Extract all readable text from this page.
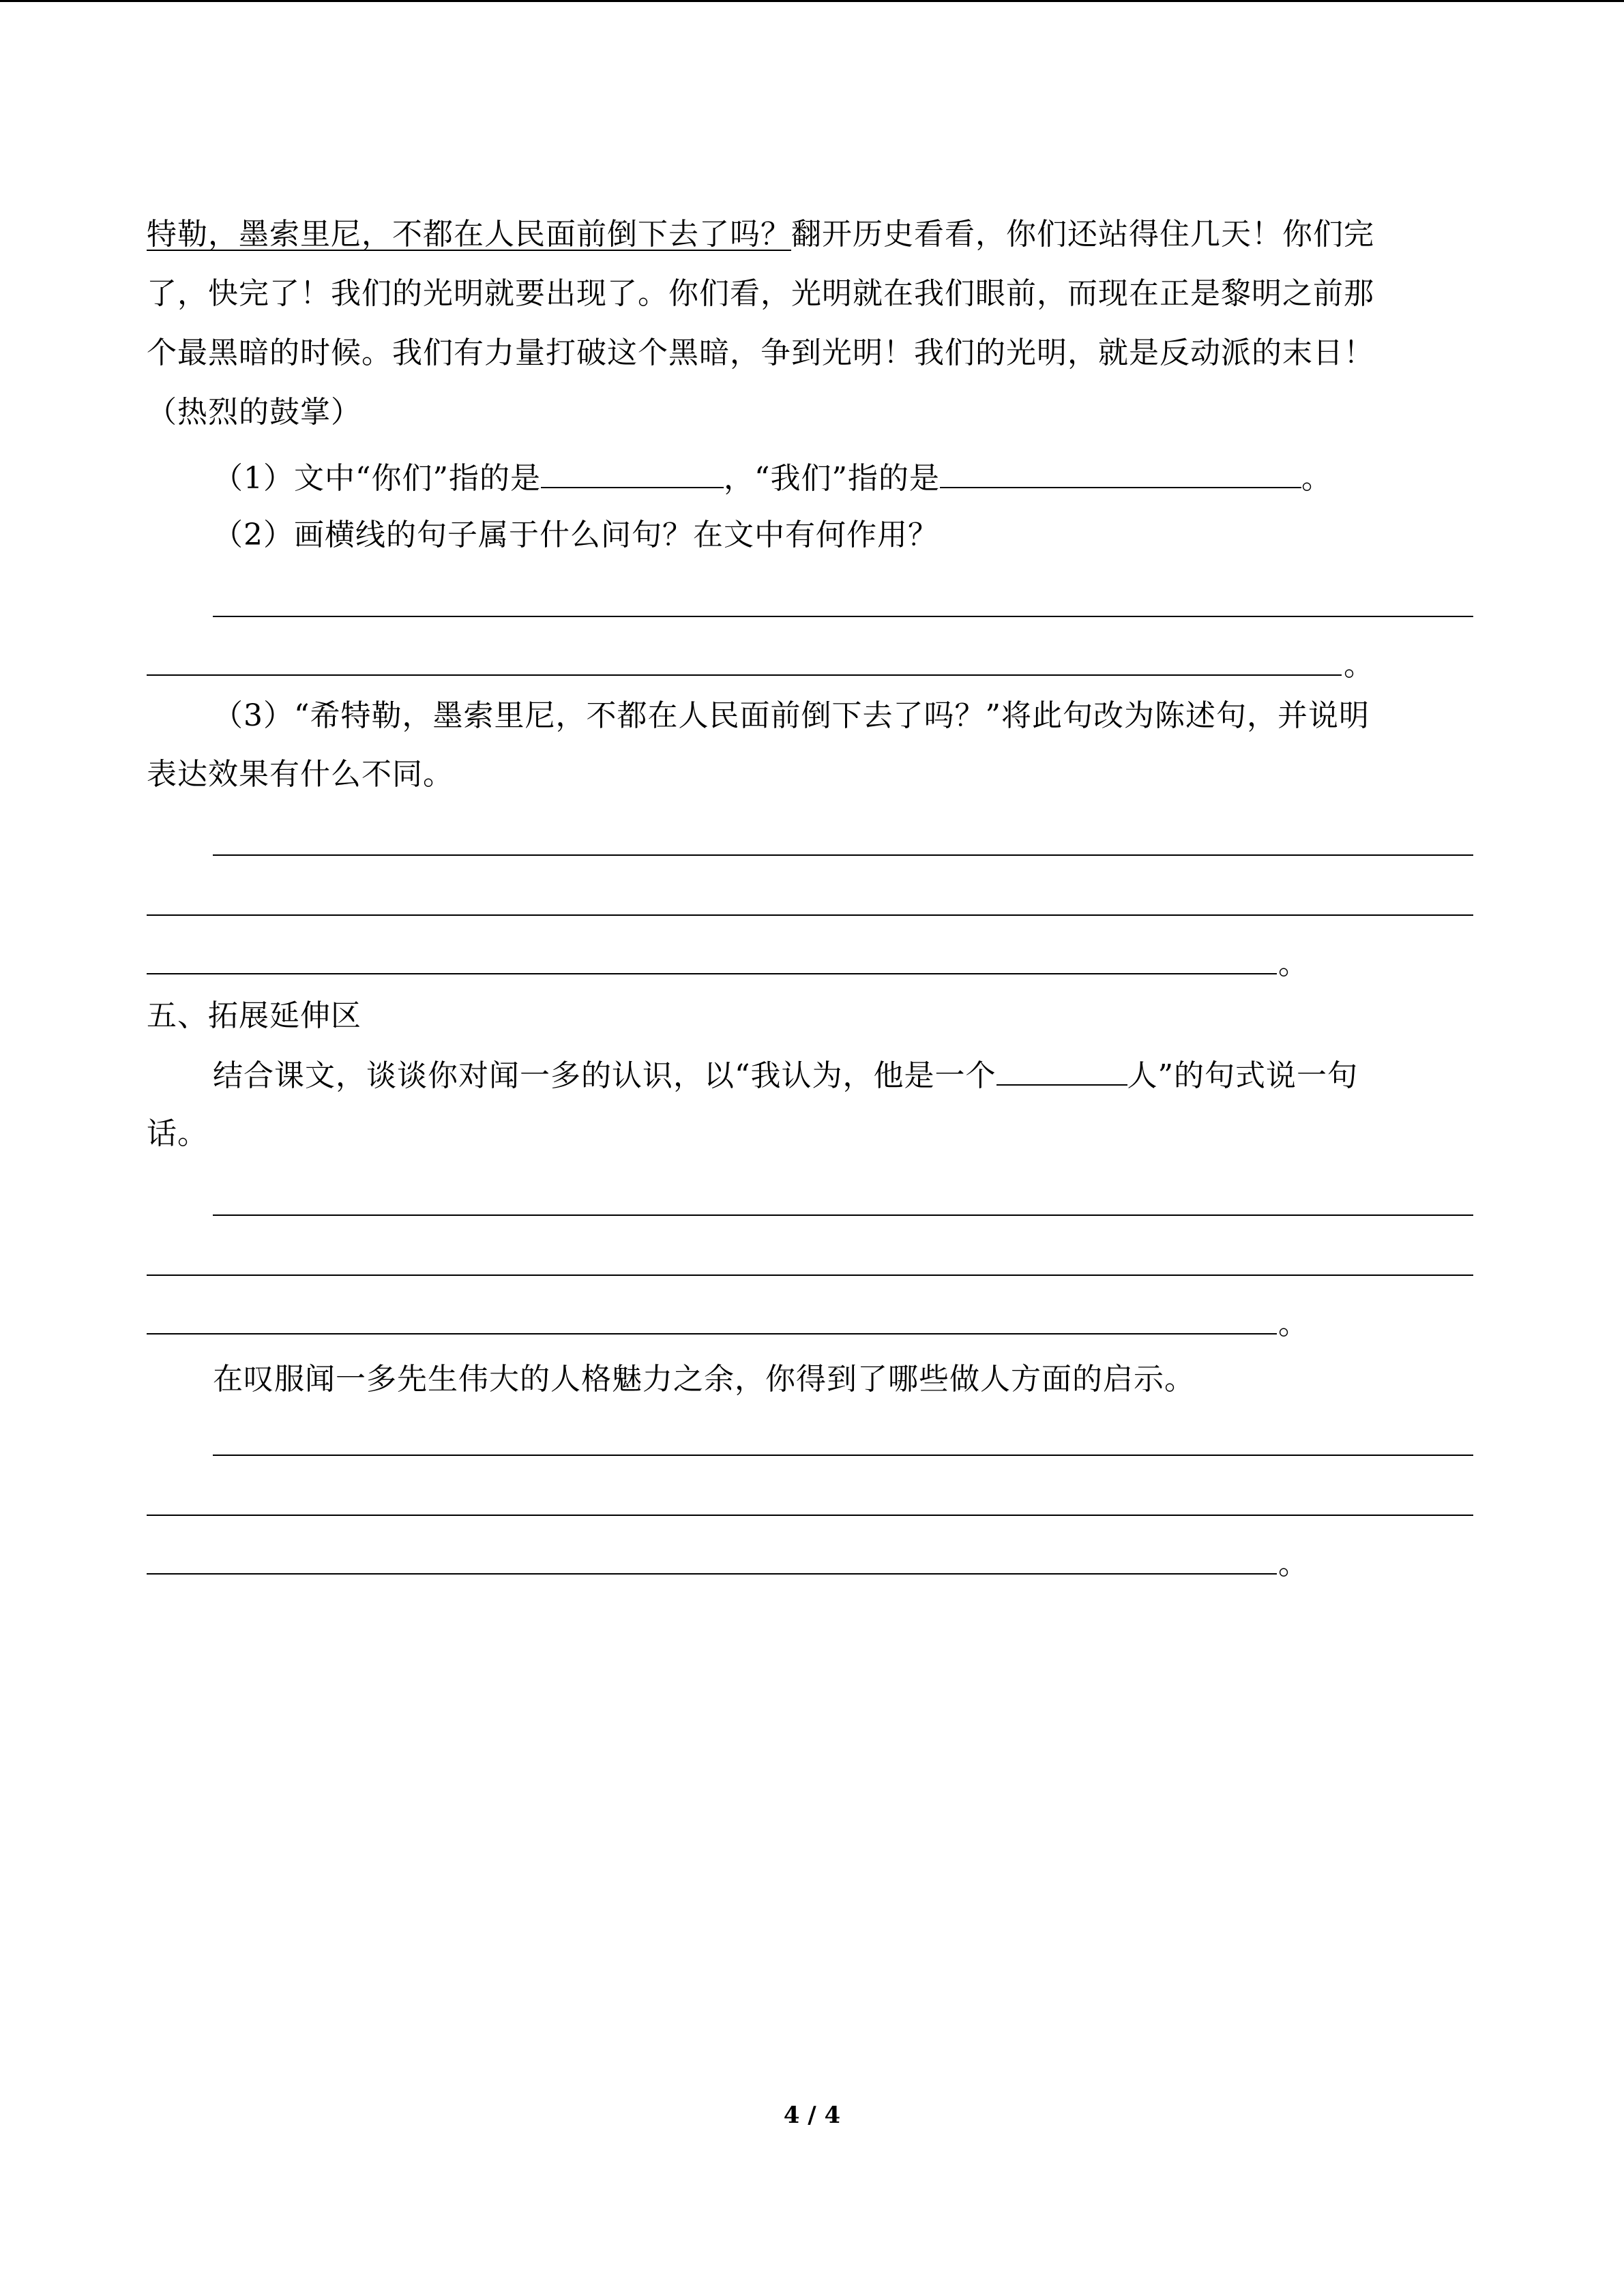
特勒，墨索里尼，不都在人民面前倒下去了吗？翻开历史看看，你们还站得住几天！你们完
了，快完了！我们的光明就要出现了。你们看，光明就在我们眼前，而现在正是黎明之前那
个最黑暗的时候。我们有力量打破这个黑暗，争到光明！我们的光明，就是反动派的末日！
（热烈的鼓掌）
（1）文中“你们”指的是	，“我们”指的是	。
（2）画横线的句子属于什么问句？在文中有何作用？
。
（3）“希特勒，墨索里尼，不都在人民面前倒下去了吗？”将此句改为陈述句，并说明
表达效果有什么不同。
。
五、拓展延伸区
结合课文，谈谈你对闻一多的认识，以“我认为，他是一个	人”的句式说一句
话。
。
在叹服闻一多先生伟大的人格魅力之余，你得到了哪些做人方面的启示。
。
4 / 4
